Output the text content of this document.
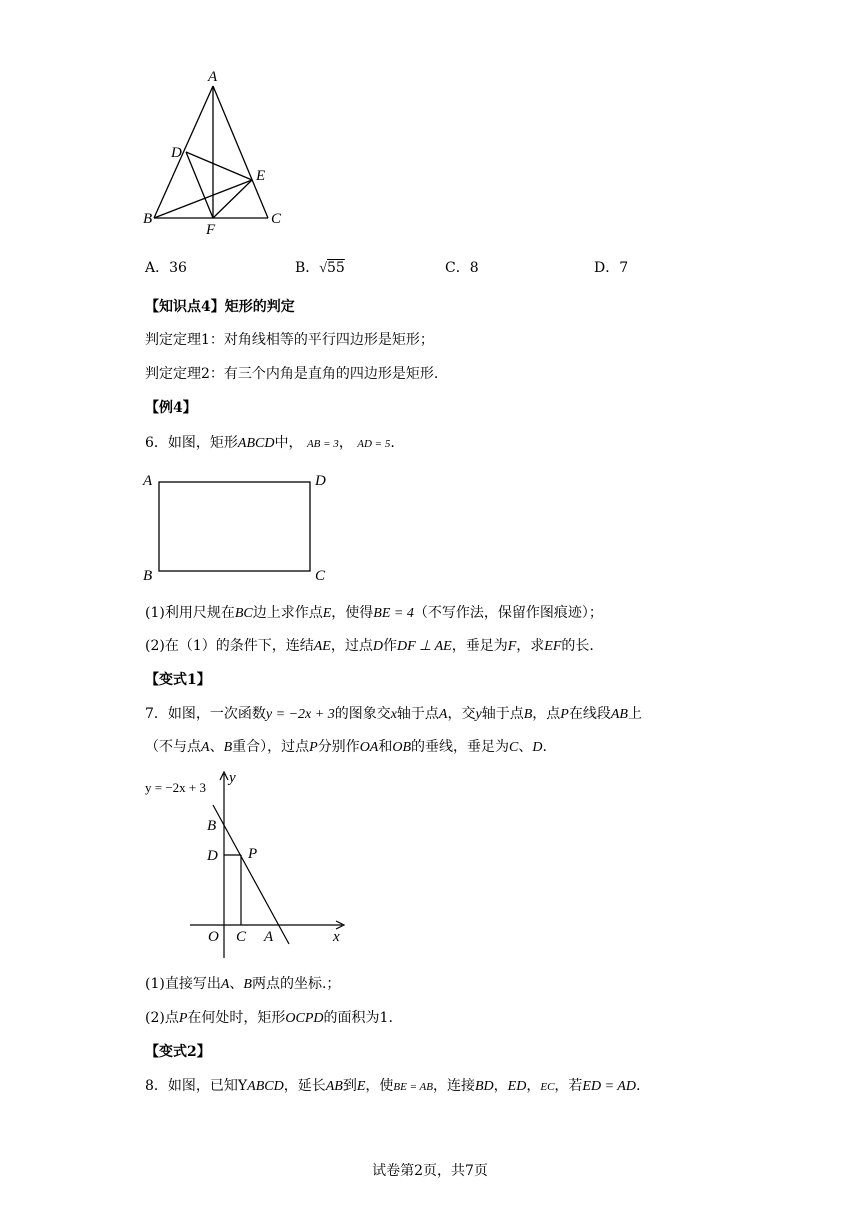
A
D
E
B
F
C
A．36	B．√55	C．8	D．7
【知识点4】矩形的判定
判定定理1：对角线相等的平行四边形是矩形；
判定定理2：有三个内角是直角的四边形是矩形.
【例4】
6．如图，矩形ABCD中， AB = 3， AD = 5.
A	D
B	C
(1)利用尺规在BC边上求作点E，使得BE = 4（不写作法，保留作图痕迹）；
(2)在（1）的条件下，连结AE，过点D作DF ⊥ AE，垂足为F，求EF的长.
【变式1】
7．如图，一次函数y = −2x + 3的图象交x轴于点A，交y轴于点B，点P在线段AB上
（不与点A、B重合），过点P分别作OA和OB的垂线，垂足为C、D.
y = −2x + 3
y
x
B
D P
O C A
(1)直接写出A、B两点的坐标.；
(2)点P在何处时，矩形OCPD的面积为1.
【变式2】
8．如图，已知YABCD，延长AB到E，使BE = AB，连接BD，ED，EC，若ED = AD.
试卷第2页，共7页
